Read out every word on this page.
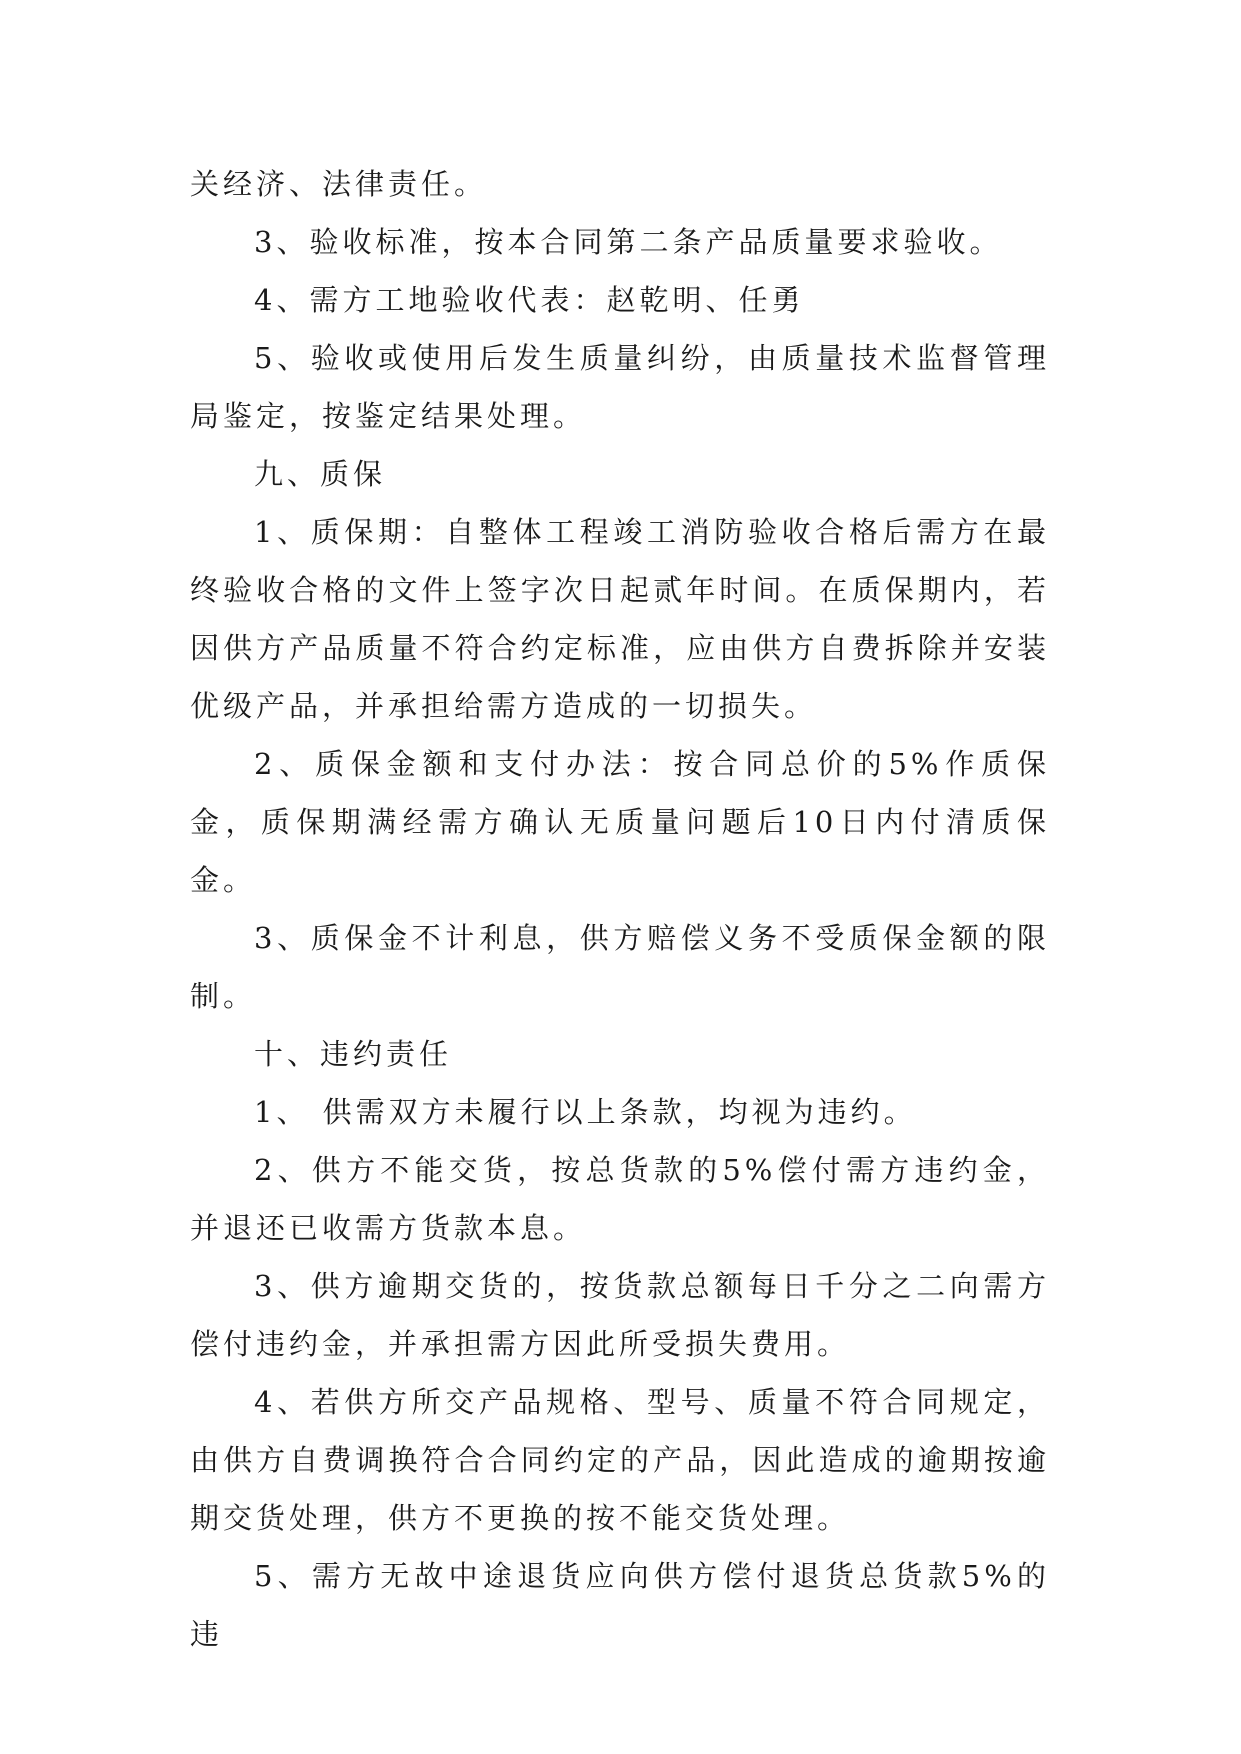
关经济、法律责任。

3、验收标准，按本合同第二条产品质量要求验收。

4、需方工地验收代表：赵乾明、任勇

5、验收或使用后发生质量纠纷，由质量技术监督管理局鉴定，按鉴定结果处理。

九、质保

1、质保期：自整体工程竣工消防验收合格后需方在最终验收合格的文件上签字次日起贰年时间。在质保期内，若因供方产品质量不符合约定标准，应由供方自费拆除并安装优级产品，并承担给需方造成的一切损失。

2、质保金额和支付办法：按合同总价的5%作质保金，质保期满经需方确认无质量问题后10日内付清质保金。

3、质保金不计利息，供方赔偿义务不受质保金额的限制。

十、违约责任

1、 供需双方未履行以上条款，均视为违约。

2、供方不能交货，按总货款的5%偿付需方违约金，并退还已收需方货款本息。

3、供方逾期交货的，按货款总额每日千分之二向需方偿付违约金，并承担需方因此所受损失费用。

4、若供方所交产品规格、型号、质量不符合同规定，由供方自费调换符合合同约定的产品，因此造成的逾期按逾期交货处理，供方不更换的按不能交货处理。

5、需方无故中途退货应向供方偿付退货总货款5%的违
